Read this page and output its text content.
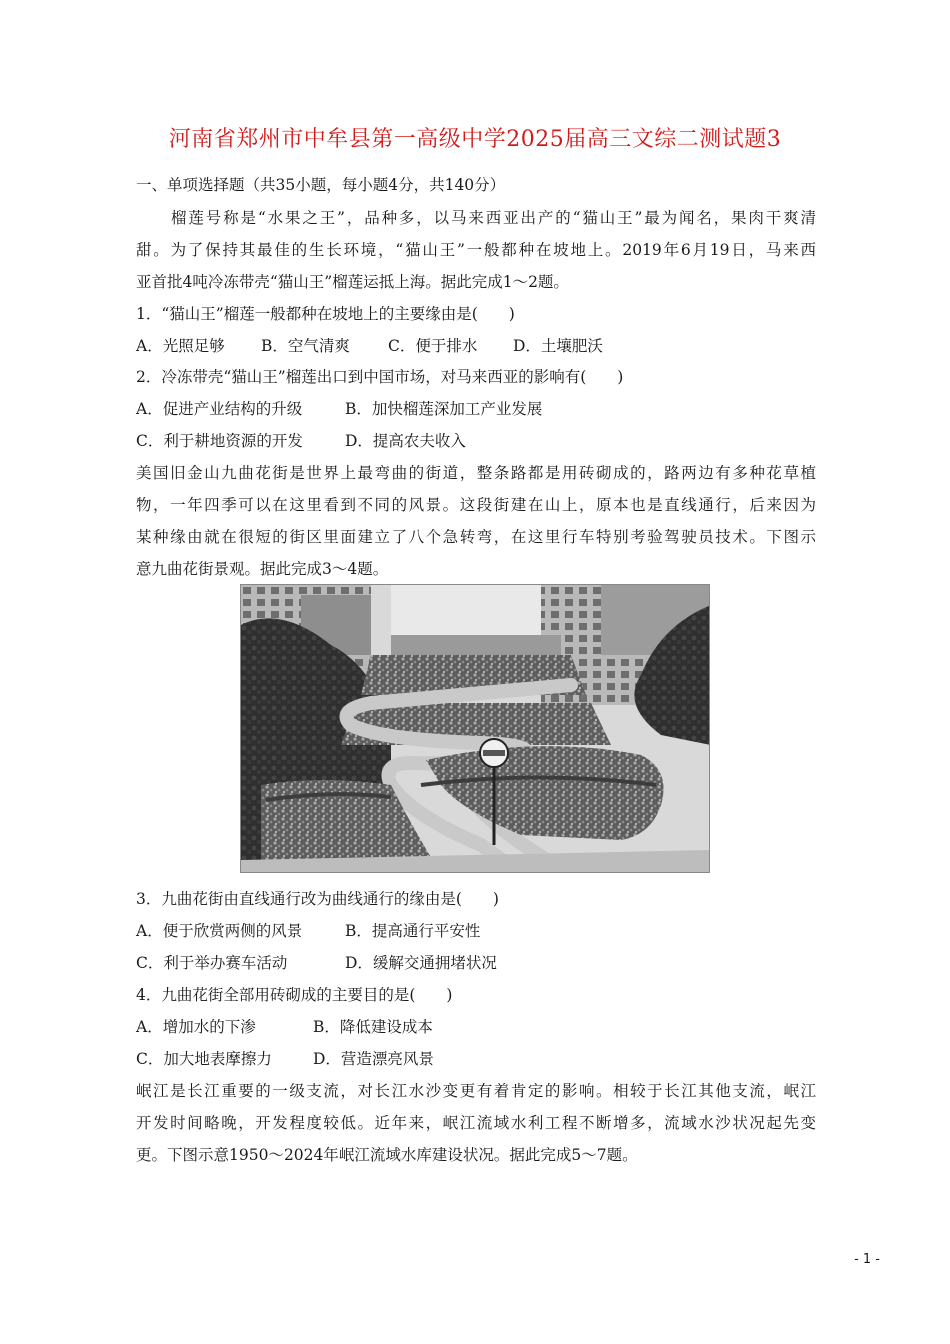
河南省郑州市中牟县第一高级中学2025届高三文综二测试题3
一、单项选择题（共35小题，每小题4分，共140分）
榴莲号称是“水果之王”，品种多，以马来西亚出产的“猫山王”最为闻名，果肉干爽清
甜。为了保持其最佳的生长环境，“猫山王”一般都种在坡地上。2019年6月19日，马来西
亚首批4吨冷冻带壳“猫山王”榴莲运抵上海。据此完成1～2题。
1．“猫山王”榴莲一般都种在坡地上的主要缘由是(　　)
A．光照足够 B．空气清爽 C．便于排水 D．土壤肥沃
2．冷冻带壳“猫山王”榴莲出口到中国市场，对马来西亚的影响有(　　)
A．促进产业结构的升级	B．加快榴莲深加工产业发展
C．利于耕地资源的开发	D．提高农夫收入
美国旧金山九曲花街是世界上最弯曲的街道，整条路都是用砖砌成的，路两边有多种花草植
物，一年四季可以在这里看到不同的风景。这段街建在山上，原本也是直线通行，后来因为
某种缘由就在很短的街区里面建立了八个急转弯，在这里行车特别考验驾驶员技术。下图示
意九曲花街景观。据此完成3～4题。
3．九曲花街由直线通行改为曲线通行的缘由是(　　)
A．便于欣赏两侧的风景	B．提高通行平安性
C．利于举办赛车活动	D．缓解交通拥堵状况
4．九曲花街全部用砖砌成的主要目的是(　　)
A．增加水的下渗	B．降低建设成本
C．加大地表摩擦力	D．营造漂亮风景
岷江是长江重要的一级支流，对长江水沙变更有着肯定的影响。相较于长江其他支流，岷江
开发时间略晚，开发程度较低。近年来，岷江流域水利工程不断增多，流域水沙状况起先变
更。下图示意1950～2024年岷江流域水库建设状况。据此完成5～7题。
- 1 -
